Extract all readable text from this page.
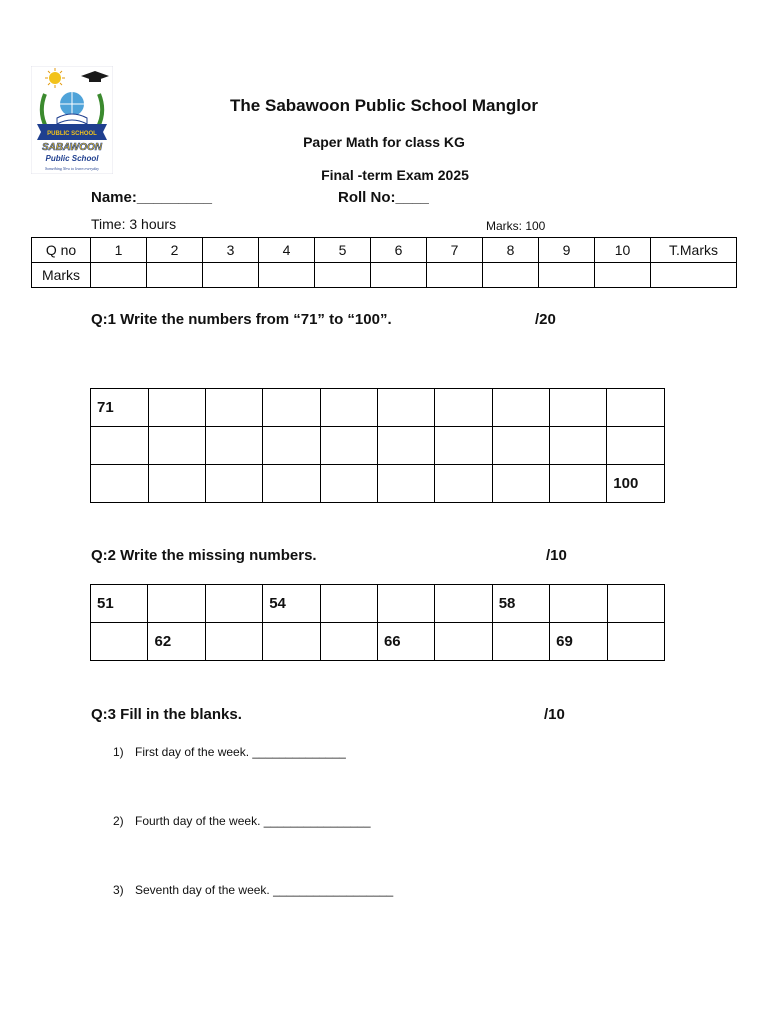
PUBLIC SCHOOL
SABAWOON
Public School
Something New to learn everyday
The Sabawoon Public School Manglor
Paper Math for class KG
Final -term Exam 2025
Name:_________	Roll No:____
Time: 3 hours	Marks: 100
Q no	1	2	3	4	5	6	7	8	9	10	T.Marks
Marks											
Q:1 Write the numbers from “71” to “100”.	/20
71									

									100
Q:2 Write the missing numbers.	/10
51			54				58		
	62				66			69	
Q:3 Fill in the blanks.	/10
1) First day of the week. ______________
2) Fourth day of the week. ________________
3) Seventh day of the week. __________________
